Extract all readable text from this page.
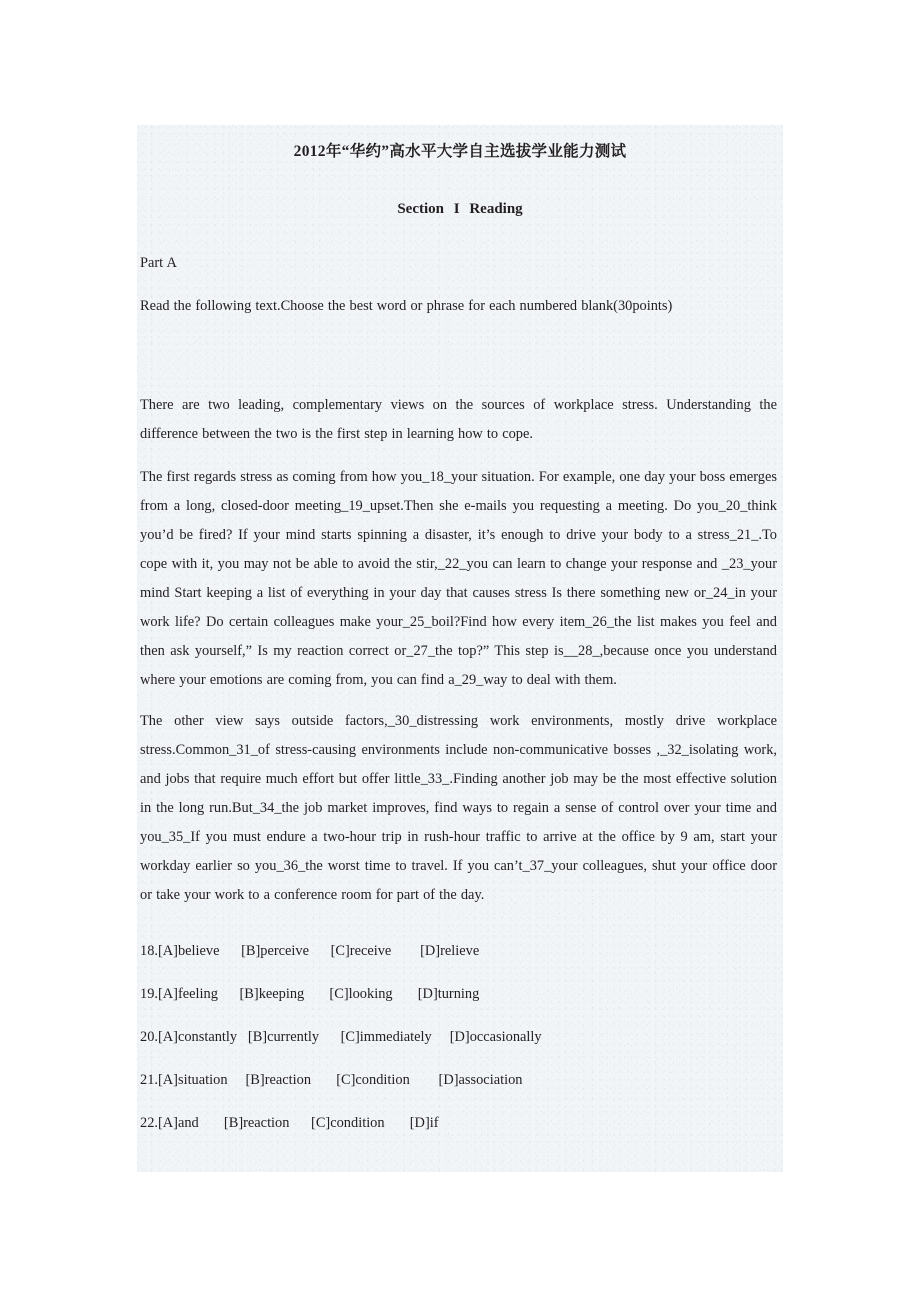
2012年“华约”高水平大学自主选拔学业能力测试
Section I Reading

Part A

Read the following text.Choose the best word or phrase for each numbered blank(30points)

There are two leading, complementary views on the sources of workplace stress. Understanding the difference between the two is the first step in learning how to cope.

The first regards stress as coming from how you_18_your situation. For example, one day your boss emerges from a long, closed-door meeting_19_upset.Then she e-mails you requesting a meeting. Do you_20_think you’d be fired? If your mind starts spinning a disaster, it’s enough to drive your body to a stress_21_.To cope with it, you may not be able to avoid the stir,_22_you can learn to change your response and _23_your mind Start keeping a list of everything in your day that causes stress Is there something new or_24_in your work life? Do certain colleagues make your_25_boil?Find how every item_26_the list makes you feel and then ask yourself,” Is my reaction correct or_27_the top?” This step is__28_,because once you understand where your emotions are coming from, you can find a_29_way to deal with them.

The other view says outside factors,_30_distressing work environments, mostly drive workplace stress.Common_31_of stress-causing environments include non-communicative bosses ,_32_isolating work, and jobs that require much effort but offer little_33_.Finding another job may be the most effective solution in the long run.But_34_the job market improves, find ways to regain a sense of control over your time and you_35_If you must endure a two-hour trip in rush-hour traffic to arrive at the office by 9 am, start your workday earlier so you_36_the worst time to travel. If you can’t_37_your colleagues, shut your office door or take your work to a conference room for part of the day.

18.[A]believe      [B]perceive      [C]receive        [D]relieve
19.[A]feeling      [B]keeping       [C]looking       [D]turning
20.[A]constantly   [B]currently      [C]immediately     [D]occasionally
21.[A]situation     [B]reaction       [C]condition        [D]association
22.[A]and       [B]reaction      [C]condition       [D]if
